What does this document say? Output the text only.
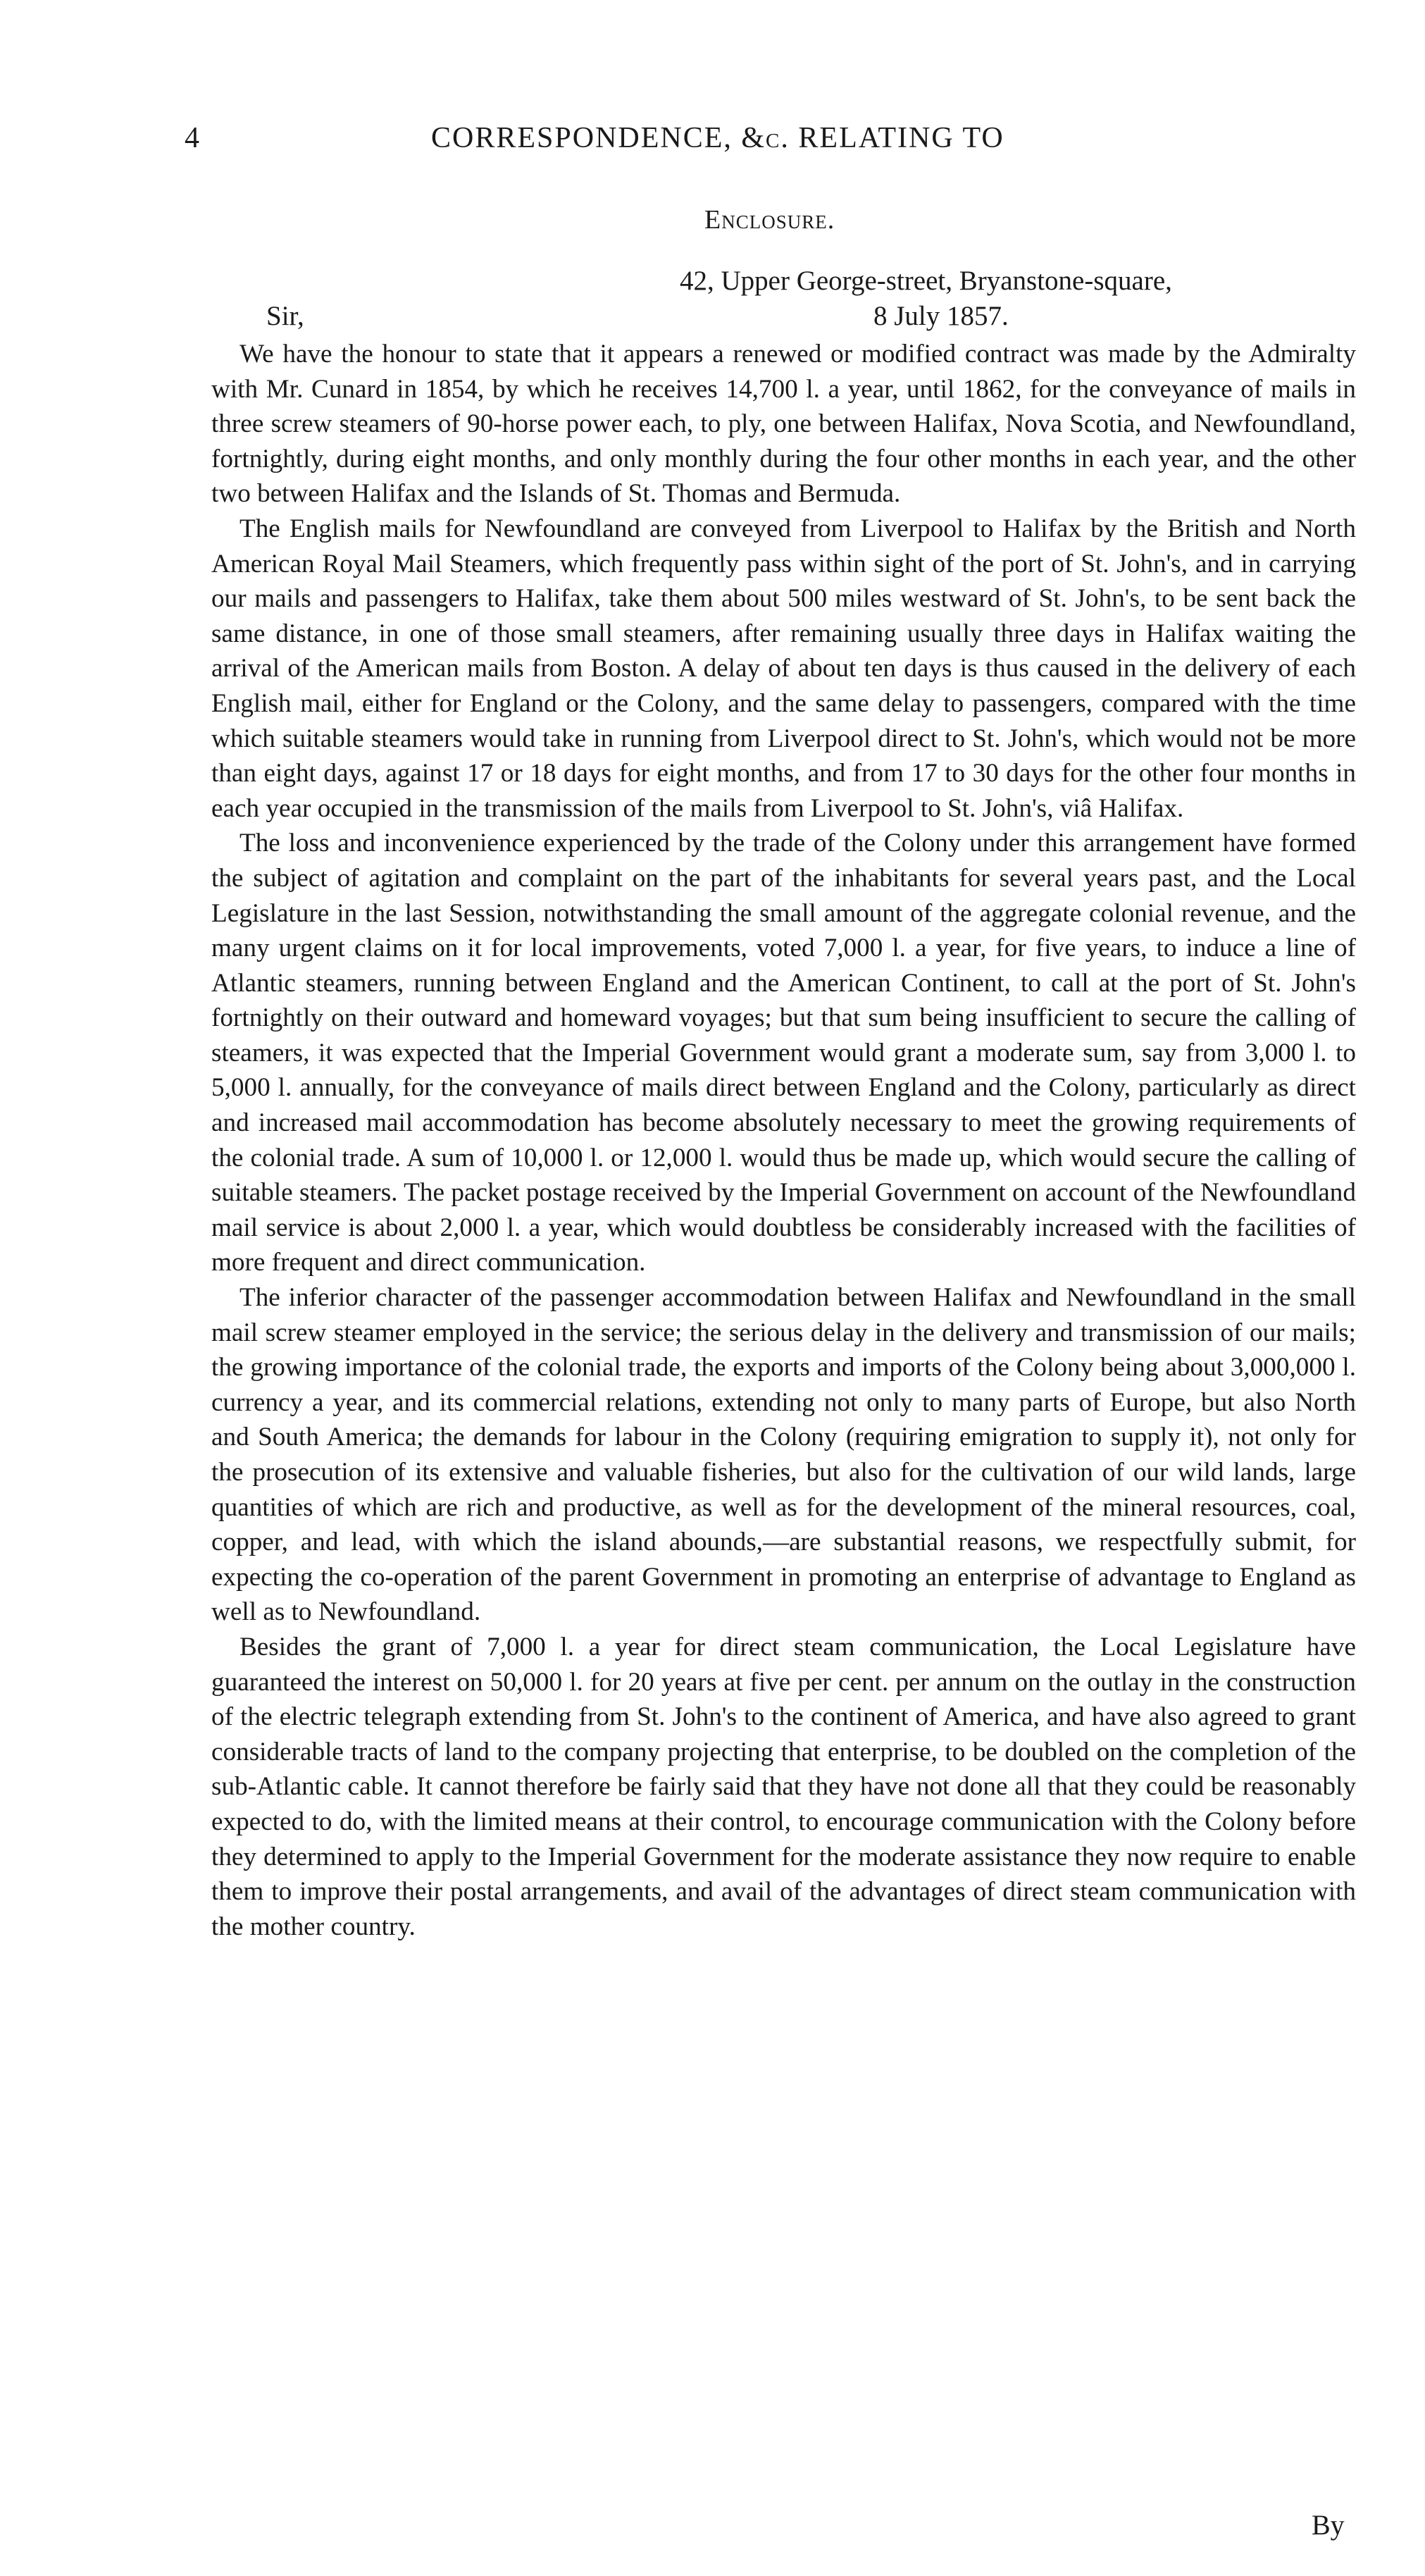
4	CORRESPONDENCE, &c. RELATING TO
Enclosure.
42, Upper George-street, Bryanstone-square,
Sir,	8 July 1857.

We have the honour to state that it appears a renewed or modified contract was made by the Admiralty with Mr. Cunard in 1854, by which he receives 14,700 l. a year, until 1862, for the conveyance of mails in three screw steamers of 90-horse power each, to ply, one between Halifax, Nova Scotia, and Newfoundland, fortnightly, during eight months, and only monthly during the four other months in each year, and the other two between Halifax and the Islands of St. Thomas and Bermuda.

The English mails for Newfoundland are conveyed from Liverpool to Halifax by the British and North American Royal Mail Steamers, which frequently pass within sight of the port of St. John's, and in carrying our mails and passengers to Halifax, take them about 500 miles westward of St. John's, to be sent back the same distance, in one of those small steamers, after remaining usually three days in Halifax waiting the arrival of the American mails from Boston. A delay of about ten days is thus caused in the delivery of each English mail, either for England or the Colony, and the same delay to passengers, compared with the time which suitable steamers would take in running from Liverpool direct to St. John's, which would not be more than eight days, against 17 or 18 days for eight months, and from 17 to 30 days for the other four months in each year occupied in the transmission of the mails from Liverpool to St. John's, viâ Halifax.

The loss and inconvenience experienced by the trade of the Colony under this arrangement have formed the subject of agitation and complaint on the part of the inhabitants for several years past, and the Local Legislature in the last Session, notwithstanding the small amount of the aggregate colonial revenue, and the many urgent claims on it for local improvements, voted 7,000 l. a year, for five years, to induce a line of Atlantic steamers, running between England and the American Continent, to call at the port of St. John's fortnightly on their outward and homeward voyages; but that sum being insufficient to secure the calling of steamers, it was expected that the Imperial Government would grant a moderate sum, say from 3,000 l. to 5,000 l. annually, for the conveyance of mails direct between England and the Colony, particularly as direct and increased mail accommodation has become absolutely necessary to meet the growing requirements of the colonial trade. A sum of 10,000 l. or 12,000 l. would thus be made up, which would secure the calling of suitable steamers. The packet postage received by the Imperial Government on account of the Newfoundland mail service is about 2,000 l. a year, which would doubtless be considerably increased with the facilities of more frequent and direct communication.

The inferior character of the passenger accommodation between Halifax and Newfoundland in the small mail screw steamer employed in the service; the serious delay in the delivery and transmission of our mails; the growing importance of the colonial trade, the exports and imports of the Colony being about 3,000,000 l. currency a year, and its commercial relations, extending not only to many parts of Europe, but also North and South America; the demands for labour in the Colony (requiring emigration to supply it), not only for the prosecution of its extensive and valuable fisheries, but also for the cultivation of our wild lands, large quantities of which are rich and productive, as well as for the development of the mineral resources, coal, copper, and lead, with which the island abounds,—are substantial reasons, we respectfully submit, for expecting the co-operation of the parent Government in promoting an enterprise of advantage to England as well as to Newfoundland.

Besides the grant of 7,000 l. a year for direct steam communication, the Local Legislature have guaranteed the interest on 50,000 l. for 20 years at five per cent. per annum on the outlay in the construction of the electric telegraph extending from St. John's to the continent of America, and have also agreed to grant considerable tracts of land to the company projecting that enterprise, to be doubled on the completion of the sub-Atlantic cable. It cannot therefore be fairly said that they have not done all that they could be reasonably expected to do, with the limited means at their control, to encourage communication with the Colony before they determined to apply to the Imperial Government for the moderate assistance they now require to enable them to improve their postal arrangements, and avail of the advantages of direct steam communication with the mother country.

By
